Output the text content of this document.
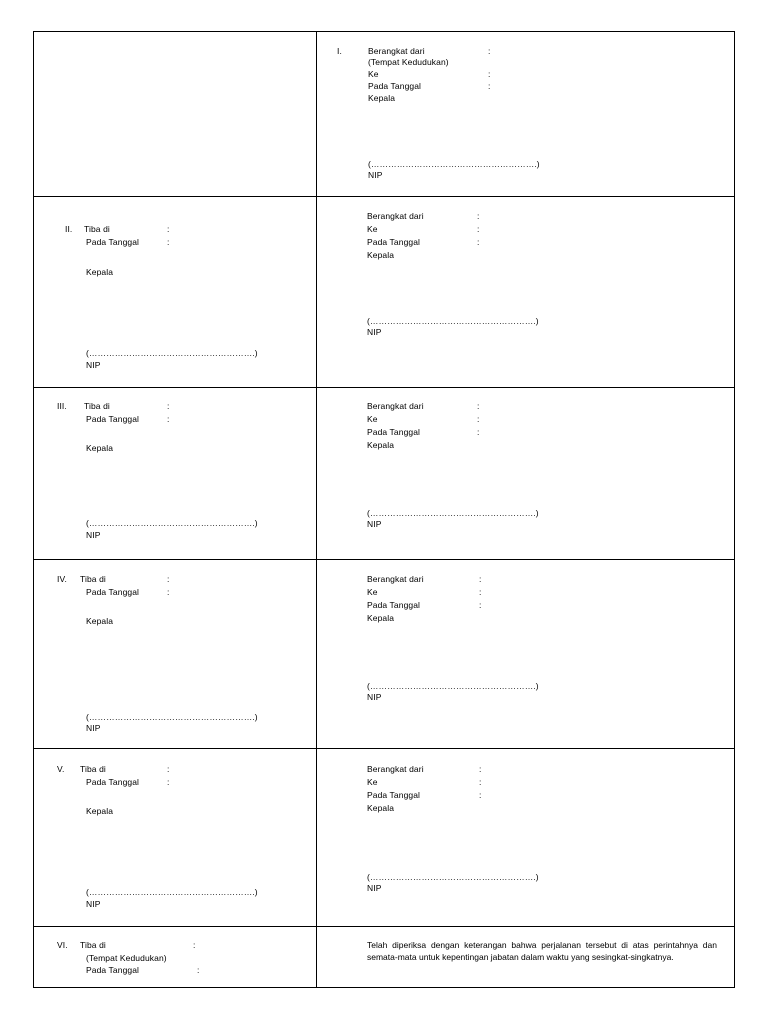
I.	Berangkat dari	:
(Tempat Kedudukan)
Ke	:
Pada Tanggal	:
Kepala
(………………………………………………….)
NIP
II. Tiba di	:
Pada Tanggal	:
Kepala
(………………………………………………….)
NIP
Berangkat dari	:
Ke	:
Pada Tanggal	:
Kepala
(………………………………………………….)
NIP
III. Tiba di	:
Pada Tanggal	:
Kepala
(………………………………………………….)
NIP
Berangkat dari	:
Ke	:
Pada Tanggal	:
Kepala
(………………………………………………….)
NIP
IV. Tiba di	:
Pada Tanggal	:
Kepala
(………………………………………………….)
NIP
Berangkat dari	:
Ke	:
Pada Tanggal	:
Kepala
(………………………………………………….)
NIP
V. Tiba di	:
Pada Tanggal	:
Kepala
(………………………………………………….)
NIP
Berangkat dari	:
Ke	:
Pada Tanggal	:
Kepala
(………………………………………………….)
NIP
VI. Tiba di	:
(Tempat Kedudukan)
Pada Tanggal	:
Telah diperiksa dengan keterangan bahwa perjalanan tersebut di atas perintahnya dan semata-mata untuk kepentingan jabatan dalam waktu yang sesingkat-singkatnya.
